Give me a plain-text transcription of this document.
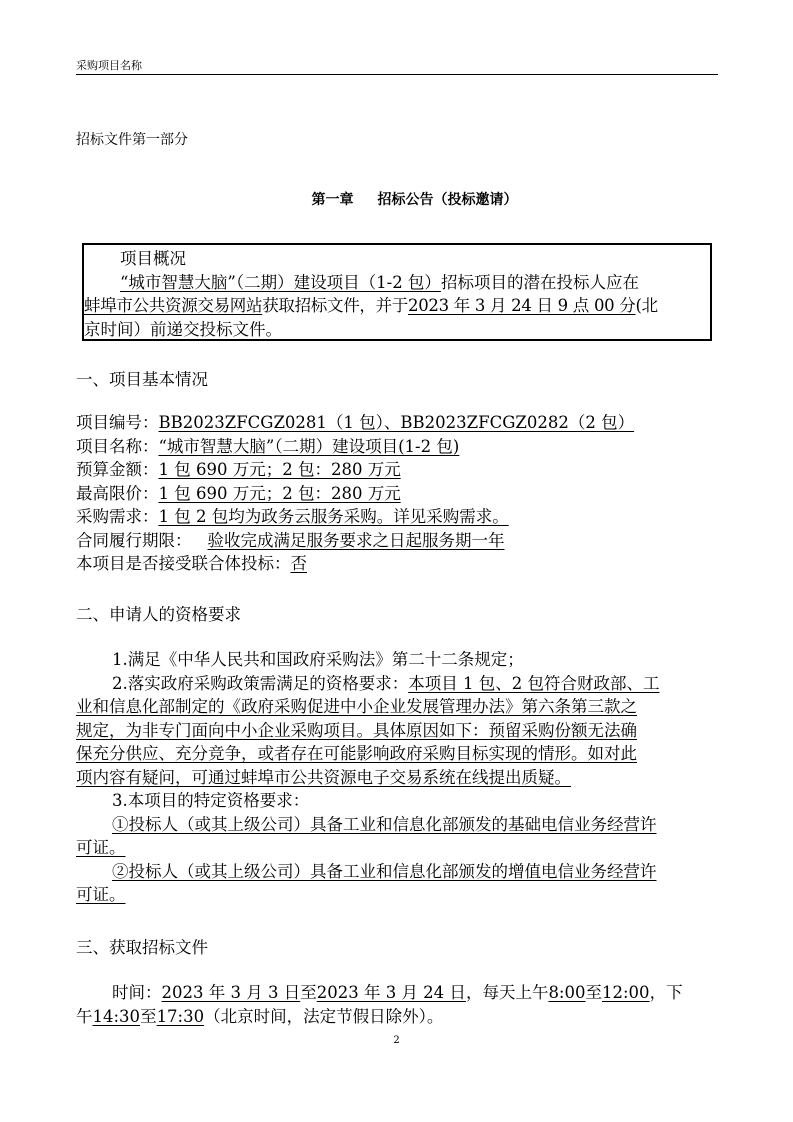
采购项目名称
招标文件第一部分
第一章 招标公告（投标邀请）
项目概况
“城市智慧大脑”（二期）建设项目（1-2 包）招标项目的潜在投标人应在
蚌埠市公共资源交易网站获取招标文件，并于2023 年 3 月 24 日 9 点 00 分(北
京时间）前递交投标文件。
一、项目基本情况
项目编号：BB2023ZFCGZ0281（1 包）、BB2023ZFCGZ0282（2 包）
项目名称：“城市智慧大脑”（二期）建设项目(1-2 包)
预算金额：1 包 690 万元；2 包：280 万元
最高限价：1 包 690 万元；2 包：280 万元
采购需求：1 包 2 包均为政务云服务采购。详见采购需求。
合同履行期限： 验收完成满足服务要求之日起服务期一年
本项目是否接受联合体投标：否
二、申请人的资格要求
1.满足《中华人民共和国政府采购法》第二十二条规定；
2.落实政府采购政策需满足的资格要求：本项目 1 包、2 包符合财政部、工
业和信息化部制定的《政府采购促进中小企业发展管理办法》第六条第三款之
规定，为非专门面向中小企业采购项目。具体原因如下：预留采购份额无法确
保充分供应、充分竞争，或者存在可能影响政府采购目标实现的情形。如对此
项内容有疑问，可通过蚌埠市公共资源电子交易系统在线提出质疑。
3.本项目的特定资格要求：
①投标人（或其上级公司）具备工业和信息化部颁发的基础电信业务经营许
可证。
②投标人（或其上级公司）具备工业和信息化部颁发的增值电信业务经营许
可证。
三、获取招标文件
时间：2023 年 3 月 3 日至2023 年 3 月 24 日，每天上午8:00至12:00，下
午14:30至17:30（北京时间，法定节假日除外）。
2
